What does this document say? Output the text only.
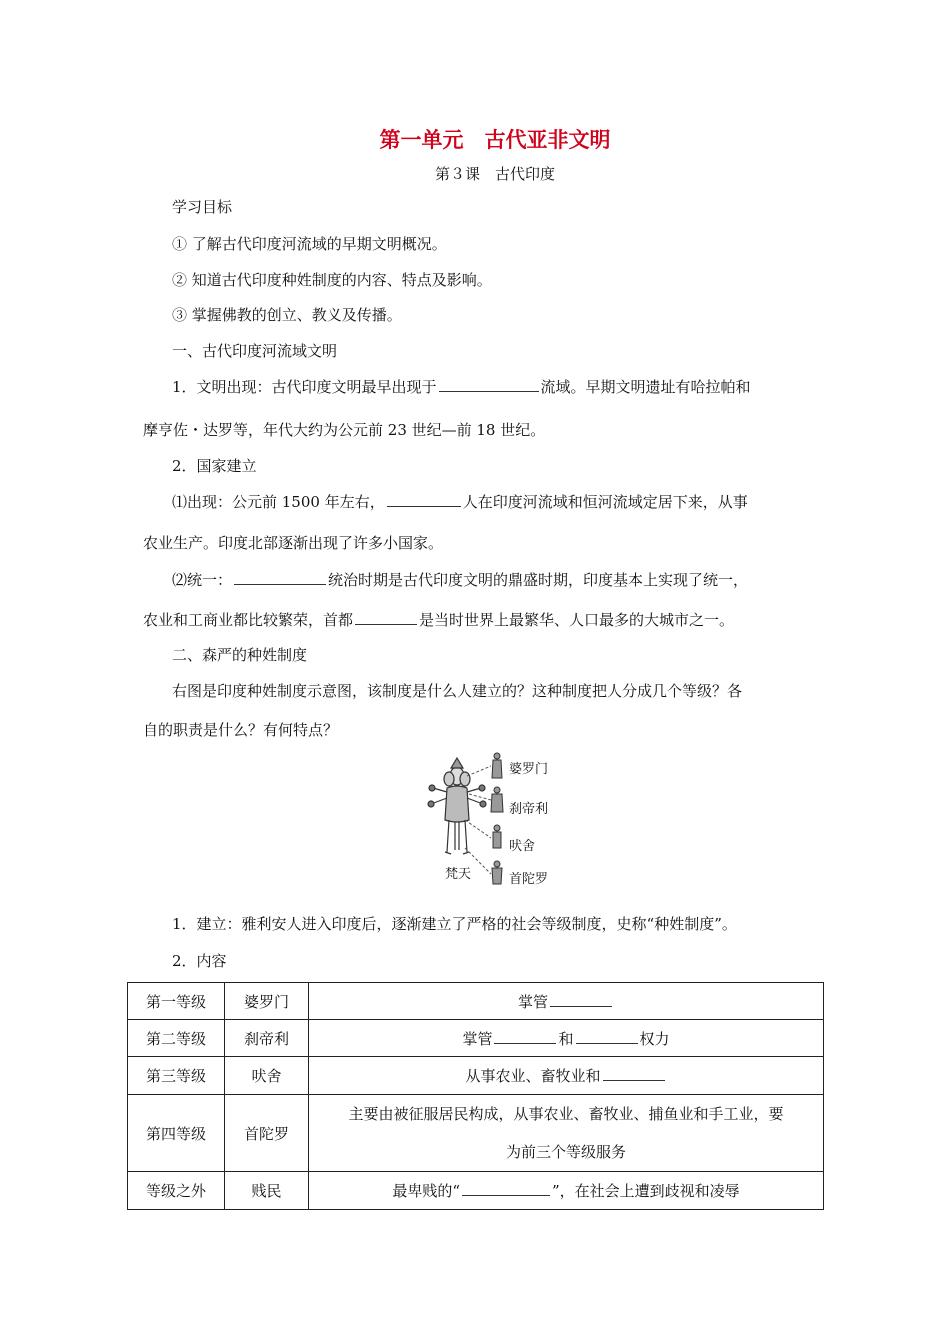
第一单元　古代亚非文明
第３课　古代印度
学习目标
① 了解古代印度河流域的早期文明概况。
② 知道古代印度种姓制度的内容、特点及影响。
③ 掌握佛教的创立、教义及传播。
一、古代印度河流域文明
1．文明出现：古代印度文明最早出现于	流域。早期文明遗址有哈拉帕和
摩亨佐・达罗等，年代大约为公元前 23 世纪—前 18 世纪。
2．国家建立
⑴出现：公元前 1500 年左右，	人在印度河流域和恒河流域定居下来，从事
农业生产。印度北部逐渐出现了许多小国家。
⑵统一：	统治时期是古代印度文明的鼎盛时期，印度基本上实现了统一，
农业和工商业都比较繁荣，首都	是当时世界上最繁华、人口最多的大城市之一。
二、森严的种姓制度
右图是印度种姓制度示意图，该制度是什么人建立的？这种制度把人分成几个等级？各
自的职责是什么？有何特点？
婆罗门
刹帝利
吠舍
首陀罗
梵天
1．建立：雅利安人进入印度后，逐渐建立了严格的社会等级制度，史称“种姓制度”。
2．内容
第一等级	婆罗门	掌管
第二等级	刹帝利	掌管 和 权力
第三等级	吠舍	从事农业、畜牧业和
第四等级	首陀罗	主要由被征服居民构成，从事农业、畜牧业、捕鱼业和手工业，要
为前三个等级服务

等级之外	贱民	最卑贱的“ ”，在社会上遭到歧视和凌辱
